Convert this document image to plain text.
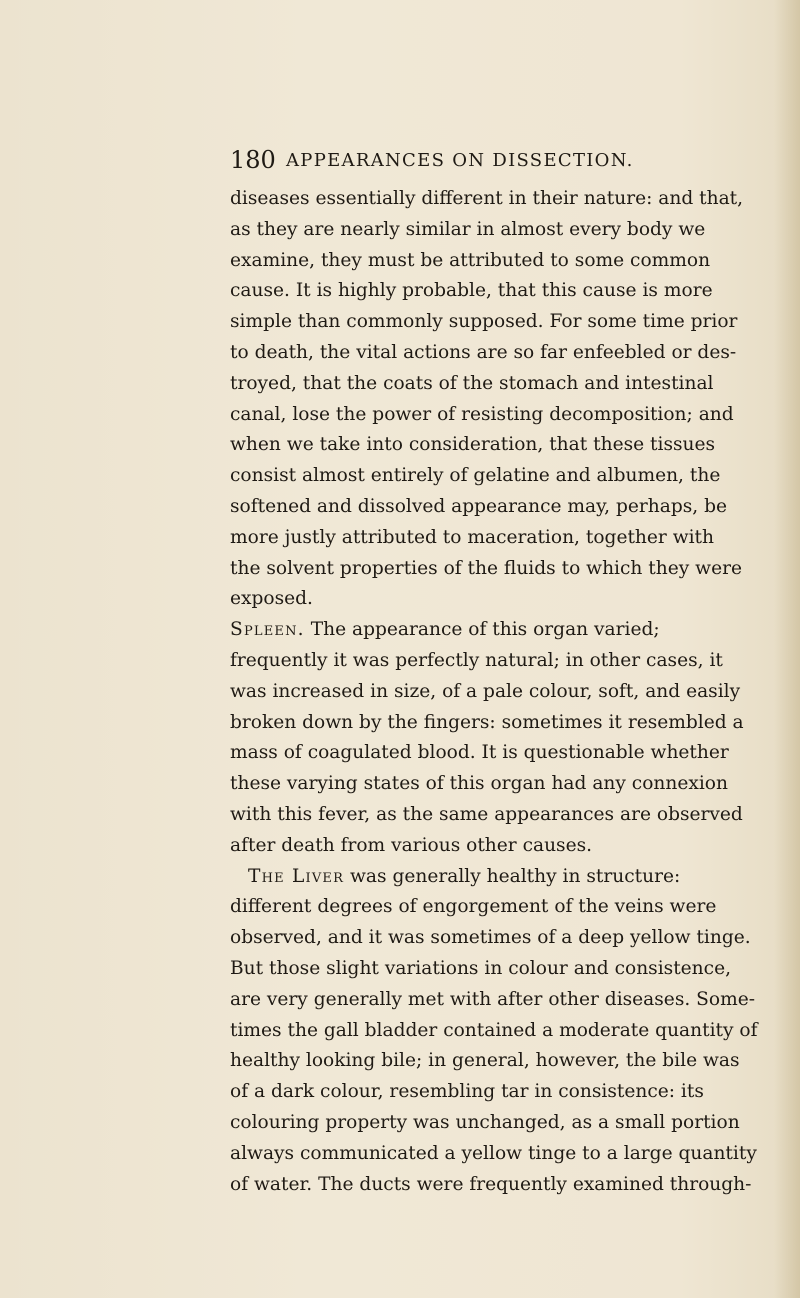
180 APPEARANCES ON DISSECTION.
diseases essentially different in their nature: and that,
as they are nearly similar in almost every body we
examine, they must be attributed to some common
cause. It is highly probable, that this cause is more
simple than commonly supposed. For some time prior
to death, the vital actions are so far enfeebled or des-
troyed, that the coats of the stomach and intestinal
canal, lose the power of resisting decomposition; and
when we take into consideration, that these tissues
consist almost entirely of gelatine and albumen, the
softened and dissolved appearance may, perhaps, be
more justly attributed to maceration, together with
the solvent properties of the fluids to which they were
exposed.
Spleen. The appearance of this organ varied;
frequently it was perfectly natural; in other cases, it
was increased in size, of a pale colour, soft, and easily
broken down by the fingers: sometimes it resembled a
mass of coagulated blood. It is questionable whether
these varying states of this organ had any connexion
with this fever, as the same appearances are observed
after death from various other causes.
The Liver was generally healthy in structure:
different degrees of engorgement of the veins were
observed, and it was sometimes of a deep yellow tinge.
But those slight variations in colour and consistence,
are very generally met with after other diseases. Some-
times the gall bladder contained a moderate quantity of
healthy looking bile; in general, however, the bile was
of a dark colour, resembling tar in consistence: its
colouring property was unchanged, as a small portion
always communicated a yellow tinge to a large quantity
of water. The ducts were frequently examined through-
